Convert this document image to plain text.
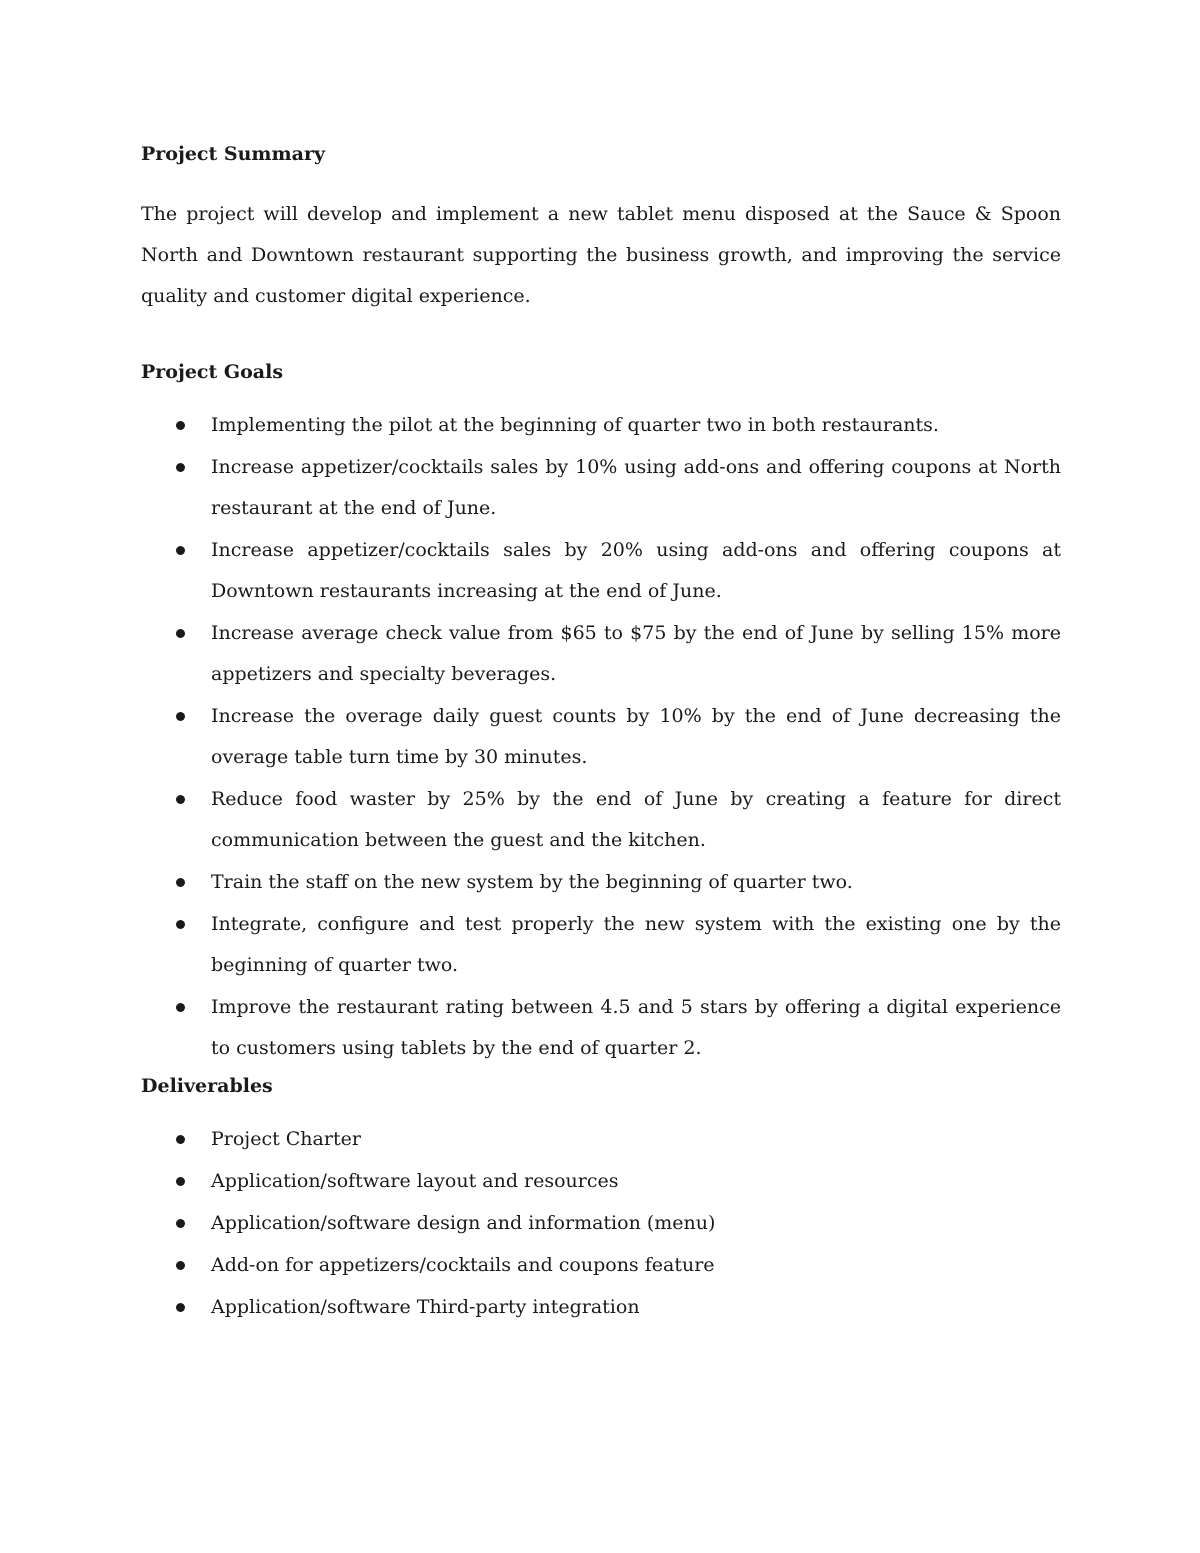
Project Summary

The project will develop and implement a new tablet menu disposed at the Sauce & Spoon North and Downtown restaurant supporting the business growth, and improving the service quality and customer digital experience.

Project Goals
Implementing the pilot at the beginning of quarter two in both restaurants.
Increase appetizer/cocktails sales by 10% using add-ons and offering coupons at North restaurant at the end of June.
Increase appetizer/cocktails sales by 20% using add-ons and offering coupons at Downtown restaurants increasing at the end of June.
Increase average check value from $65 to $75 by the end of June by selling 15% more appetizers and specialty beverages.
Increase the overage daily guest counts by 10% by the end of June decreasing the overage table turn time by 30 minutes.
Reduce food waster by 25% by the end of June by creating a feature for direct communication between the guest and the kitchen.
Train the staff on the new system by the beginning of quarter two.
Integrate, configure and test properly the new system with the existing one by the beginning of quarter two.
Improve the restaurant rating between 4.5 and 5 stars by offering a digital experience to customers using tablets by the end of quarter 2.
Deliverables
Project Charter
Application/software layout and resources
Application/software design and information (menu)
Add-on for appetizers/cocktails and coupons feature
Application/software Third-party integration
